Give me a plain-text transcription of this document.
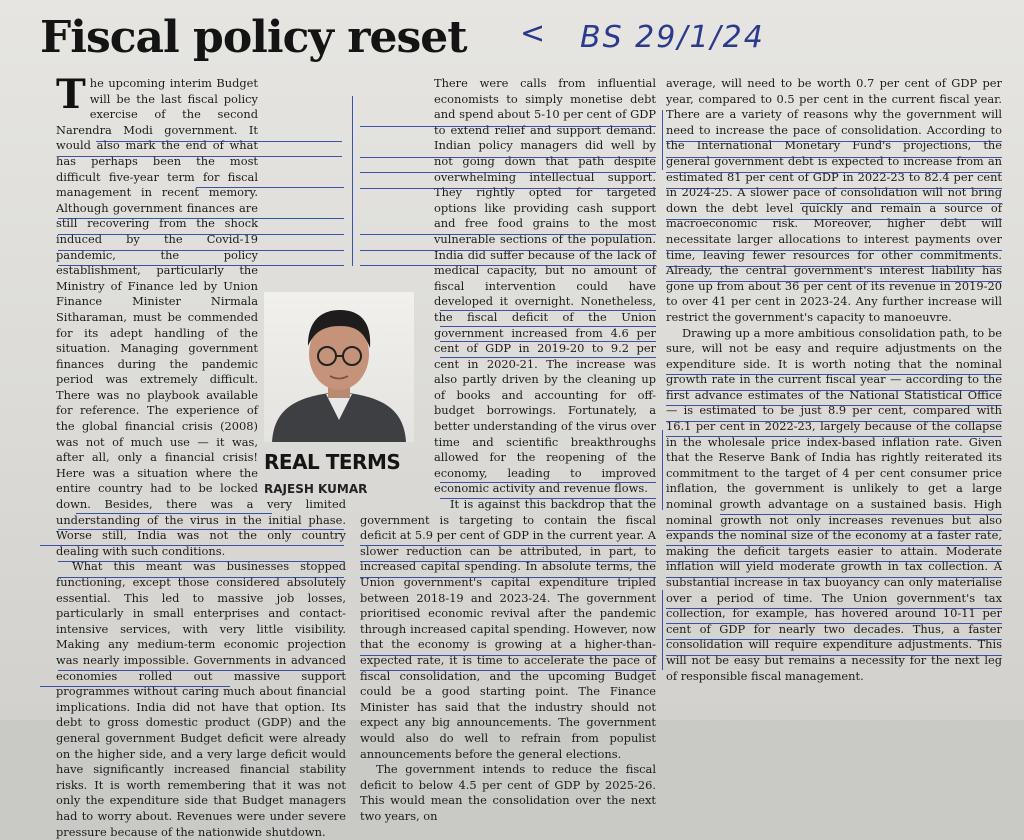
Fiscal policy reset < BS 29/1/24

The upcoming interim Budget will be the last fiscal policy exercise of the second Narendra Modi government. It would also mark the end of what has perhaps been the most difficult five-year term for fiscal management in recent memory. Although government finances are still recovering from the shock induced by the Covid-19 pandemic, the policy establishment, particularly the Ministry of Finance led by Union Finance Minister Nirmala Sitharaman, must be commended for its adept handling of the situation. Managing government finances during the pandemic period was extremely difficult. There was no playbook available for reference. The experience of the global financial crisis (2008) was not of much use — it was, after all, only a financial crisis! Here was a situation where the entire country had to be locked down. Besides, there was a very limited understanding of the virus in the initial phase. Worse still, India was not the only country dealing with such conditions.

What this meant was businesses stopped functioning, except those considered absolutely essential. This led to massive job losses, particularly in small enterprises and contact-intensive services, with very little visibility. Making any medium-term economic projection was nearly impossible. Governments in advanced economies rolled out massive support programmes without caring much about financial implications. India did not have that option. Its debt to gross domestic product (GDP) and the general government Budget deficit were already on the higher side, and a very large deficit would have significantly increased financial stability risks. It is worth remembering that it was not only the expenditure side that Budget managers had to worry about. Revenues were under severe pressure because of the nationwide shutdown.

There were calls from influential economists to simply monetise debt and spend about 5-10 per cent of GDP to extend relief and support demand. Indian policy managers did well by not going down that path despite overwhelming intellectual support. They rightly opted for targeted options like providing cash support and free food grains to the most vulnerable sections of the population. India did suffer because of the lack of medical capacity, but no amount of fiscal intervention could have developed it overnight. Nonetheless, the fiscal deficit of the Union government increased from 4.6 per cent of GDP in 2019-20 to 9.2 per cent in 2020-21. The increase was also partly driven by the cleaning up of books and accounting for off-budget borrowings. Fortunately, a better understanding of the virus over time and scientific breakthroughs allowed for the reopening of the economy, leading to improved economic activity and revenue flows.

It is against this backdrop that the government is targeting to contain the fiscal deficit at 5.9 per cent of GDP in the current year. A slower reduction can be attributed, in part, to increased capital spending. In absolute terms, the Union government's capital expenditure tripled between 2018-19 and 2023-24. The government prioritised economic revival after the pandemic through increased capital spending. However, now that the economy is growing at a higher-than-expected rate, it is time to accelerate the pace of fiscal consolidation, and the upcoming Budget could be a good starting point. The Finance Minister has said that the industry should not expect any big announcements. The government would also do well to refrain from populist announcements before the general elections.

The government intends to reduce the fiscal deficit to below 4.5 per cent of GDP by 2025-26. This would mean the consolidation over the next two years, on

average, will need to be worth 0.7 per cent of GDP per year, compared to 0.5 per cent in the current fiscal year. There are a variety of reasons why the government will need to increase the pace of consolidation. According to the International Monetary Fund's projections, the general government debt is expected to increase from an estimated 81 per cent of GDP in 2022-23 to 82.4 per cent in 2024-25. A slower pace of consolidation will not bring down the debt level quickly and remain a source of macroeconomic risk. Moreover, higher debt will necessitate larger allocations to interest payments over time, leaving fewer resources for other commitments. Already, the central government's interest liability has gone up from about 36 per cent of its revenue in 2019-20 to over 41 per cent in 2023-24. Any further increase will restrict the government's capacity to manoeuvre.

Drawing up a more ambitious consolidation path, to be sure, will not be easy and require adjustments on the expenditure side. It is worth noting that the nominal growth rate in the current fiscal year — according to the first advance estimates of the National Statistical Office — is estimated to be just 8.9 per cent, compared with 16.1 per cent in 2022-23, largely because of the collapse in the wholesale price index-based inflation rate. Given that the Reserve Bank of India has rightly reiterated its commitment to the target of 4 per cent consumer price inflation, the government is unlikely to get a large nominal growth advantage on a sustained basis. High nominal growth not only increases revenues but also expands the nominal size of the economy at a faster rate, making the deficit targets easier to attain. Moderate inflation will yield moderate growth in tax collection. A substantial increase in tax buoyancy can only materialise over a period of time. The Union government's tax collection, for example, has hovered around 10-11 per cent of GDP for nearly two decades. Thus, a faster consolidation will require expenditure adjustments. This will not be easy but remains a necessity for the next leg of responsible fiscal management.

REAL TERMS
RAJESH KUMAR
